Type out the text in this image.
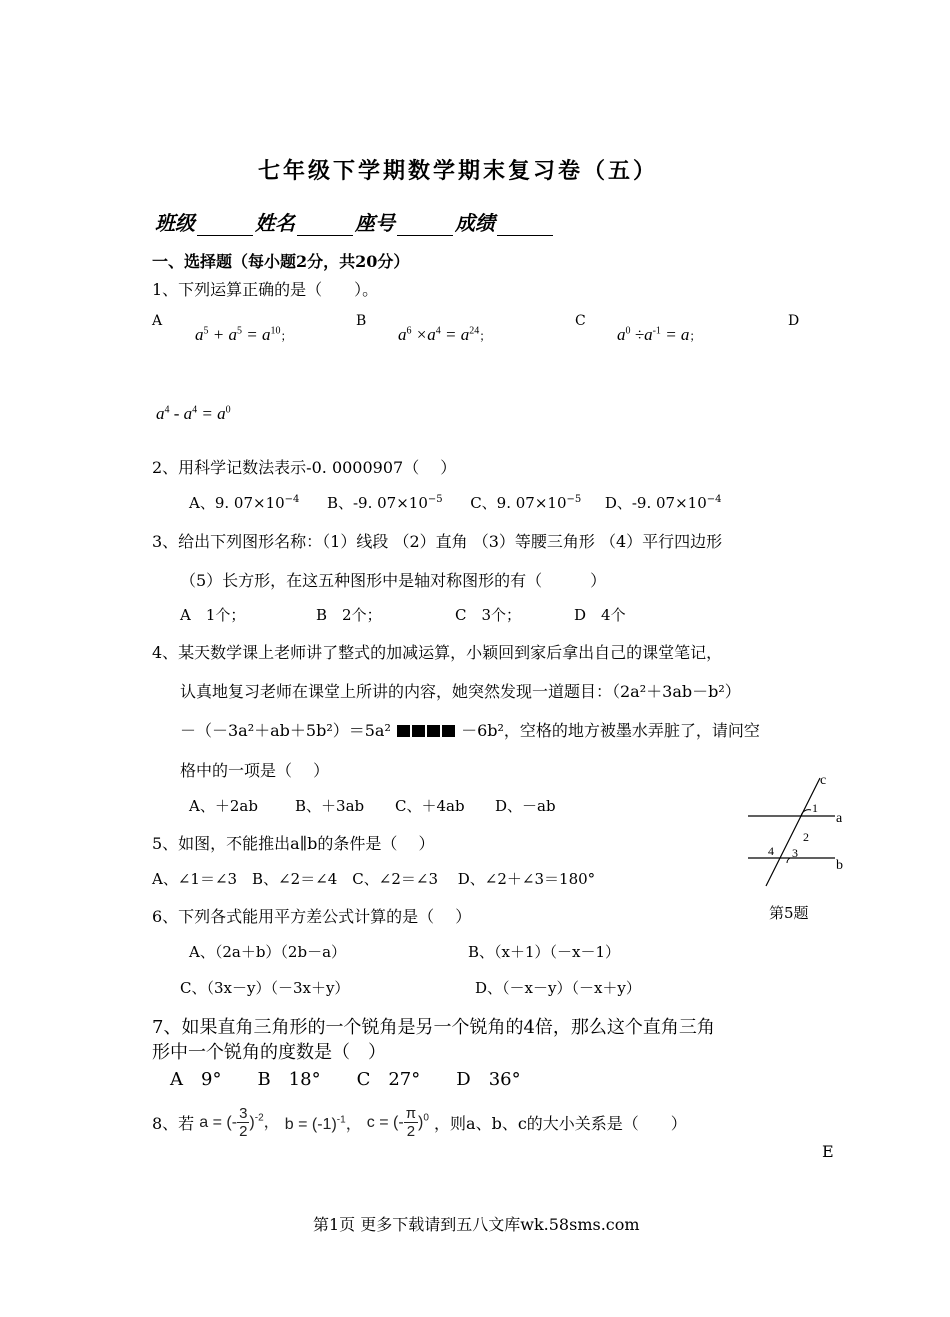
七年级下学期数学期末复习卷（五）
班级	姓名	座号	成绩
一、选择题（每小题2分，共20分）
1、下列运算正确的是（　　）。
A
$a^5 + a^5 = a^{10}$；
B
$a^6 \times a^4 = a^{24}$；
C
$a^0 \div a^{-1} = a$；
D
$a^4 - a^4 = a^0$
2、用科学记数法表示-0. 0000907（　 ）
A、9. $07\times 10^{-4}$ B、-9. $07\times 10^{-5}$ C、9. $07\times 10^{-5}$ D、-9. $07\times 10^{-4}$
3、给出下列图形名称：（1）线段 （2）直角 （3）等腰三角形 （4）平行四边形
（5）长方形，在这五种图形中是轴对称图形的有（　　　）
A　1个；	B　2个；	C　3个；	D　4个
4、某天数学课上老师讲了整式的加减运算，小颖回到家后拿出自己的课堂笔记，
认真地复习老师在课堂上所讲的内容，她突然发现一道题目：（2a²＋3ab－b²）
－（－3a²＋ab＋5b²）＝5a²	－6b²，空格的地方被墨水弄脏了，请问空
格中的一项是（　 ）
A、＋2ab B、＋3ab C、＋4ab D、－ab
5、如图，不能推出a∥b的条件是（　 ）
A、∠1＝∠3　B、∠2＝∠4　C、∠2＝∠3　 D、∠2＋∠3＝180°
c
a
b
1
2
3
4
第5题
6、下列各式能用平方差公式计算的是（　 ）
A、（2a＋b）（2b－a）	B、（x＋1）（－x－1）
C、（3x－y）（－3x＋y）	D、（－x－y）（－x＋y）
7、如果直角三角形的一个锐角是另一个锐角的4倍，那么这个直角三角
形中一个锐角的度数是（　）
A　9°　　B　18°　　C　27°　　D　36°
8、若 a = (- $\frac{3}{2} )^{-2}$， $b = (-1)^{-1}$， c = (- $\frac{\pi}{2} )^0$ ，则a、b、c的大小关系是（　　）
E
第1页 更多下载请到五八文库wk.58sms.com
